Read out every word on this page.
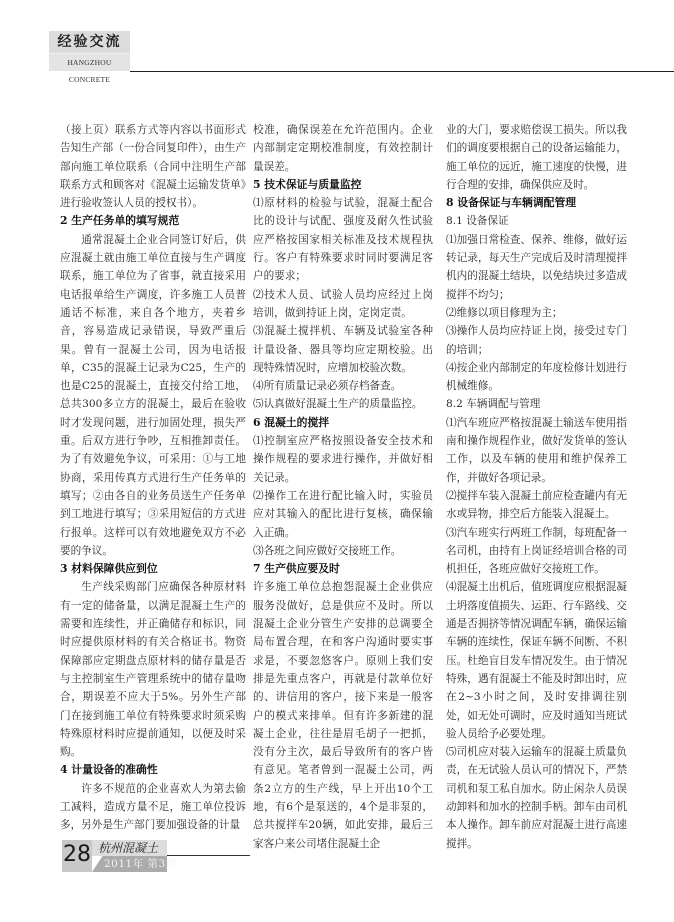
经验交流
HANGZHOU CONCRETE

（接上页）联系方式等内容以书面形式告知生产部（一份合同复印件），由生产部向施工单位联系（合同中注明生产部联系方式和顾客对《混凝土运输发货单》进行验收签认人员的授权书）。

2 生产任务单的填写规范

通常混凝土企业合同签订好后，供应混凝土就由施工单位直接与生产调度联系，施工单位为了省事，就直接采用电话报单给生产调度，许多施工人员普通话不标准，来自各个地方，夹着乡音，容易造成记录错误，导致严重后果。曾有一混凝土公司，因为电话报单，C35的混凝土记录为C25，生产的也是C25的混凝土，直接交付给工地，总共300多立方的混凝土，最后在验收时才发现问题，进行加固处理，损失严重。后双方进行争吵，互相推卸责任。为了有效避免争议，可采用：①与工地协商，采用传真方式进行生产任务单的填写；②由各自的业务员送生产任务单到工地进行填写；③采用短信的方式进行报单。这样可以有效地避免双方不必要的争议。

3 材料保障供应到位

生产线采购部门应确保各种原材料有一定的储备量，以满足混凝土生产的需要和连续性，并正确储存和标识，同时应提供原材料的有关合格证书。物资保障部应定期盘点原材料的储存量是否与主控制室生产管理系统中的储存量吻合，期误差不应大于5%。另外生产部门在接到施工单位有特殊要求时须采购特殊原材料时应提前通知，以便及时采购。

4 计量设备的准确性

许多不规范的企业喜欢人为第去偷工减料，造成方量不足，施工单位投诉多，另外是生产部门要加强设备的计量

校准，确保误差在允许范围内。企业内部制定定期校准制度，有效控制计量误差。

5 技术保证与质量监控

⑴原材料的检验与试验，混凝土配合比的设计与试配、强度及耐久性试验应严格按国家相关标准及技术规程执行。客户有特殊要求时同时要满足客户的要求；

⑵技术人员、试验人员均应经过上岗培训，做到持证上岗，定岗定责。

⑶混凝土搅拌机、车辆及试验室各种计量设备、器具等均应定期校验。出现特殊情况时，应增加校验次数。

⑷所有质量记录必须存档备查。

⑸认真做好混凝土生产的质量监控。

6 混凝土的搅拌

⑴控制室应严格按照设备安全技术和操作规程的要求进行操作，并做好相关记录。

⑵操作工在进行配比输入时，实验员应对其输入的配比进行复核，确保输入正确。

⑶各班之间应做好交接班工作。

7 生产供应要及时

许多施工单位总抱怨混凝土企业供应服务没做好，总是供应不及时。所以混凝土企业分管生产安排的总调要全局布置合理，在和客户沟通时要实事求是，不要忽悠客户。原则上我们安排是先重点客户，再就是付款单位好的、讲信用的客户，接下来是一般客户的模式来排单。但有许多新建的混凝土企业，往往是眉毛胡子一把抓，没有分主次，最后导致所有的客户皆有意见。笔者曾到一混凝土公司，两条2立方的生产线，早上开出10个工地，有6个是泵送的，4个是非泵的，总共搅拌车20辆，如此安排，最后三家客户来公司堵住混凝土企

业的大门，要求赔偿误工损失。所以我们的调度要根据自己的设备运输能力，施工单位的远近，施工速度的快慢，进行合理的安排，确保供应及时。

8 设备保证与车辆调配管理

8.1 设备保证

⑴加强日常检查、保养、维修，做好运转记录，每天生产完成后及时清理搅拌机内的混凝土结块，以免结块过多造成搅拌不均匀；

⑵维修以项目修理为主；

⑶操作人员均应持证上岗，接受过专门的培训；

⑷按企业内部制定的年度检修计划进行机械维修。

8.2 车辆调配与管理

⑴汽车班应严格按混凝土输送车使用指南和操作规程作业，做好发货单的签认工作，以及车辆的使用和维护保养工作，并做好各项记录。

⑵搅拌车装入混凝土前应检查罐内有无水或异物，排空后方能装入混凝土。

⑶汽车班实行两班工作制，每班配备一名司机，由持有上岗证经培训合格的司机担任，各班应做好交接班工作。

⑷混凝土出机后，值班调度应根据混凝土坍落度值损失、运距、行车路线、交通是否拥挤等情况调配车辆，确保运输车辆的连续性，保证车辆不间断、不积压。杜绝盲目发车情况发生。由于情况特殊，遇有混凝土不能及时卸出时，应在2~3小时之间，及时安排调往别处，如无处可调时，应及时通知当班试验人员给予必要处理。

⑸司机应对装入运输车的混凝土质量负责，在无试验人员认可的情况下，严禁司机和泵工私自加水。防止闲杂人员误动卸料和加水的控制手柄。卸车由司机本人操作。卸车前应对混凝土进行高速搅拌。

28 杭州混凝土
2011年 第3期
